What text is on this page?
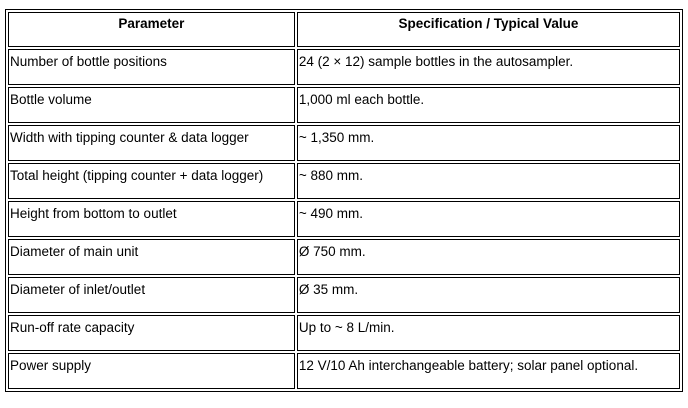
Parameter	Specification / Typical Value
Number of bottle positions	24 (2 × 12) sample bottles in the autosampler.
Bottle volume	1,000 ml each bottle.
Width with tipping counter & data logger	~ 1,350 mm.
Total height (tipping counter + data logger)	~ 880 mm.
Height from bottom to outlet	~ 490 mm.
Diameter of main unit	Ø 750 mm.
Diameter of inlet/outlet	Ø 35 mm.
Run-off rate capacity	Up to ~ 8 L/min.
Power supply	12 V/10 Ah interchangeable battery; solar panel optional.
